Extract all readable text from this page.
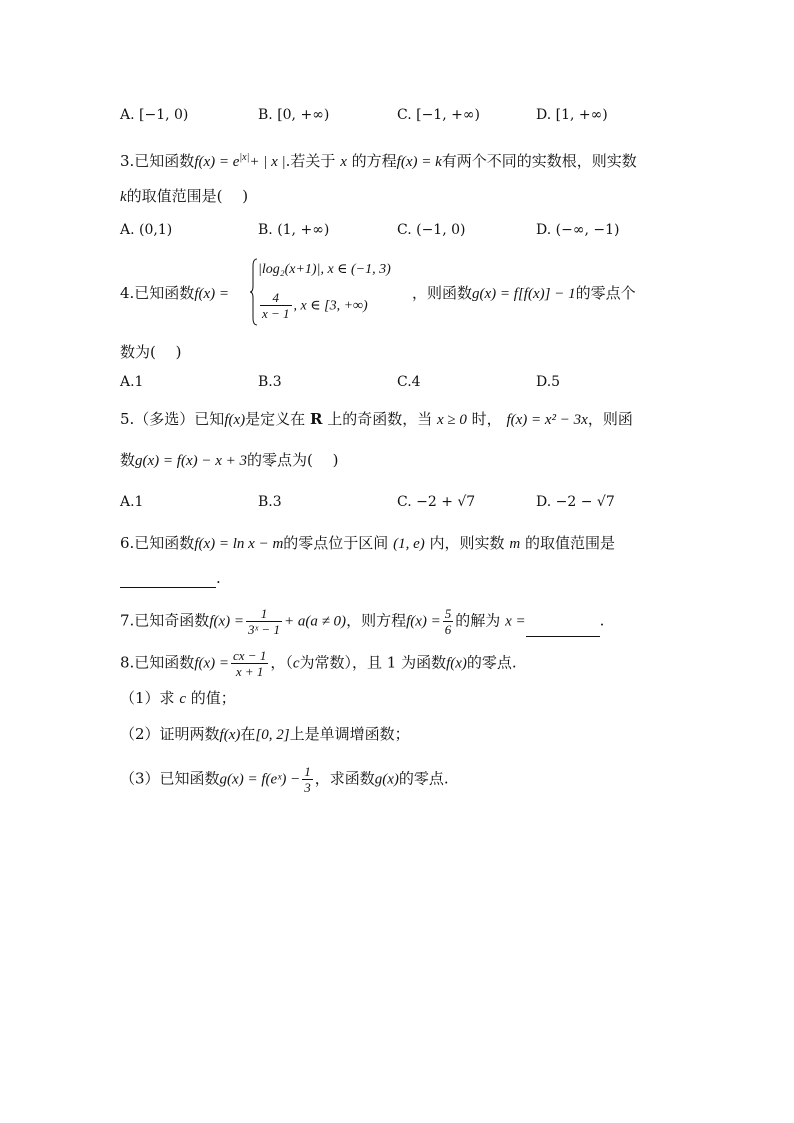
A. [−1, 0)	B. [0, +∞)	C. [−1, +∞)	D. [1, +∞)
3.已知函数$f(x) = e^{|x|}+$ | x |.若关于 x 的方程f(x) = k有两个不同的实数根，则实数
k的取值范围是(　 )
A. (0,1)	B. (1, +∞)	C. (−1, 0)	D. (−∞, −1)
4.已知函数f(x) =
|log₂(x+1)|, x ∈ (−1, 3)
$\frac{4}{x - 1}$ , x ∈ [3, +∞)
，则函数g(x) = f[f(x)] − 1的零点个
数为(　 )
A.1	B.3	C.4	D.5
5.（多选）已知f(x)是定义在 R 上的奇函数，当 x ≥ 0 时， f(x) = x² − 3x，则函
数g(x) = f(x) − x + 3的零点为(　 )
A.1	B.3	C. −2 + √7	D. −2 − √7
6.已知函数f(x) = ln x − m的零点位于区间 (1, e) 内，则实数 m 的取值范围是
.
7.已知奇函数$f(x) = \frac{1}{\text{3ˣ − 1}} + a(a \ne 0)$，则方程$f(x) = \frac{5}{6}$ 的解为 x =	.
8.已知函数$f(x) = \frac{cx - 1}{x + 1}$ ，（c为常数），且 1 为函数f(x)的零点.
（1）求 c 的值；
（2）证明两数f(x)在[0, 2]上是单调增函数；
（3）已知函数g(x) = f(eˣ) − $\frac{1}{3}$ ，求函数g(x)的零点.
